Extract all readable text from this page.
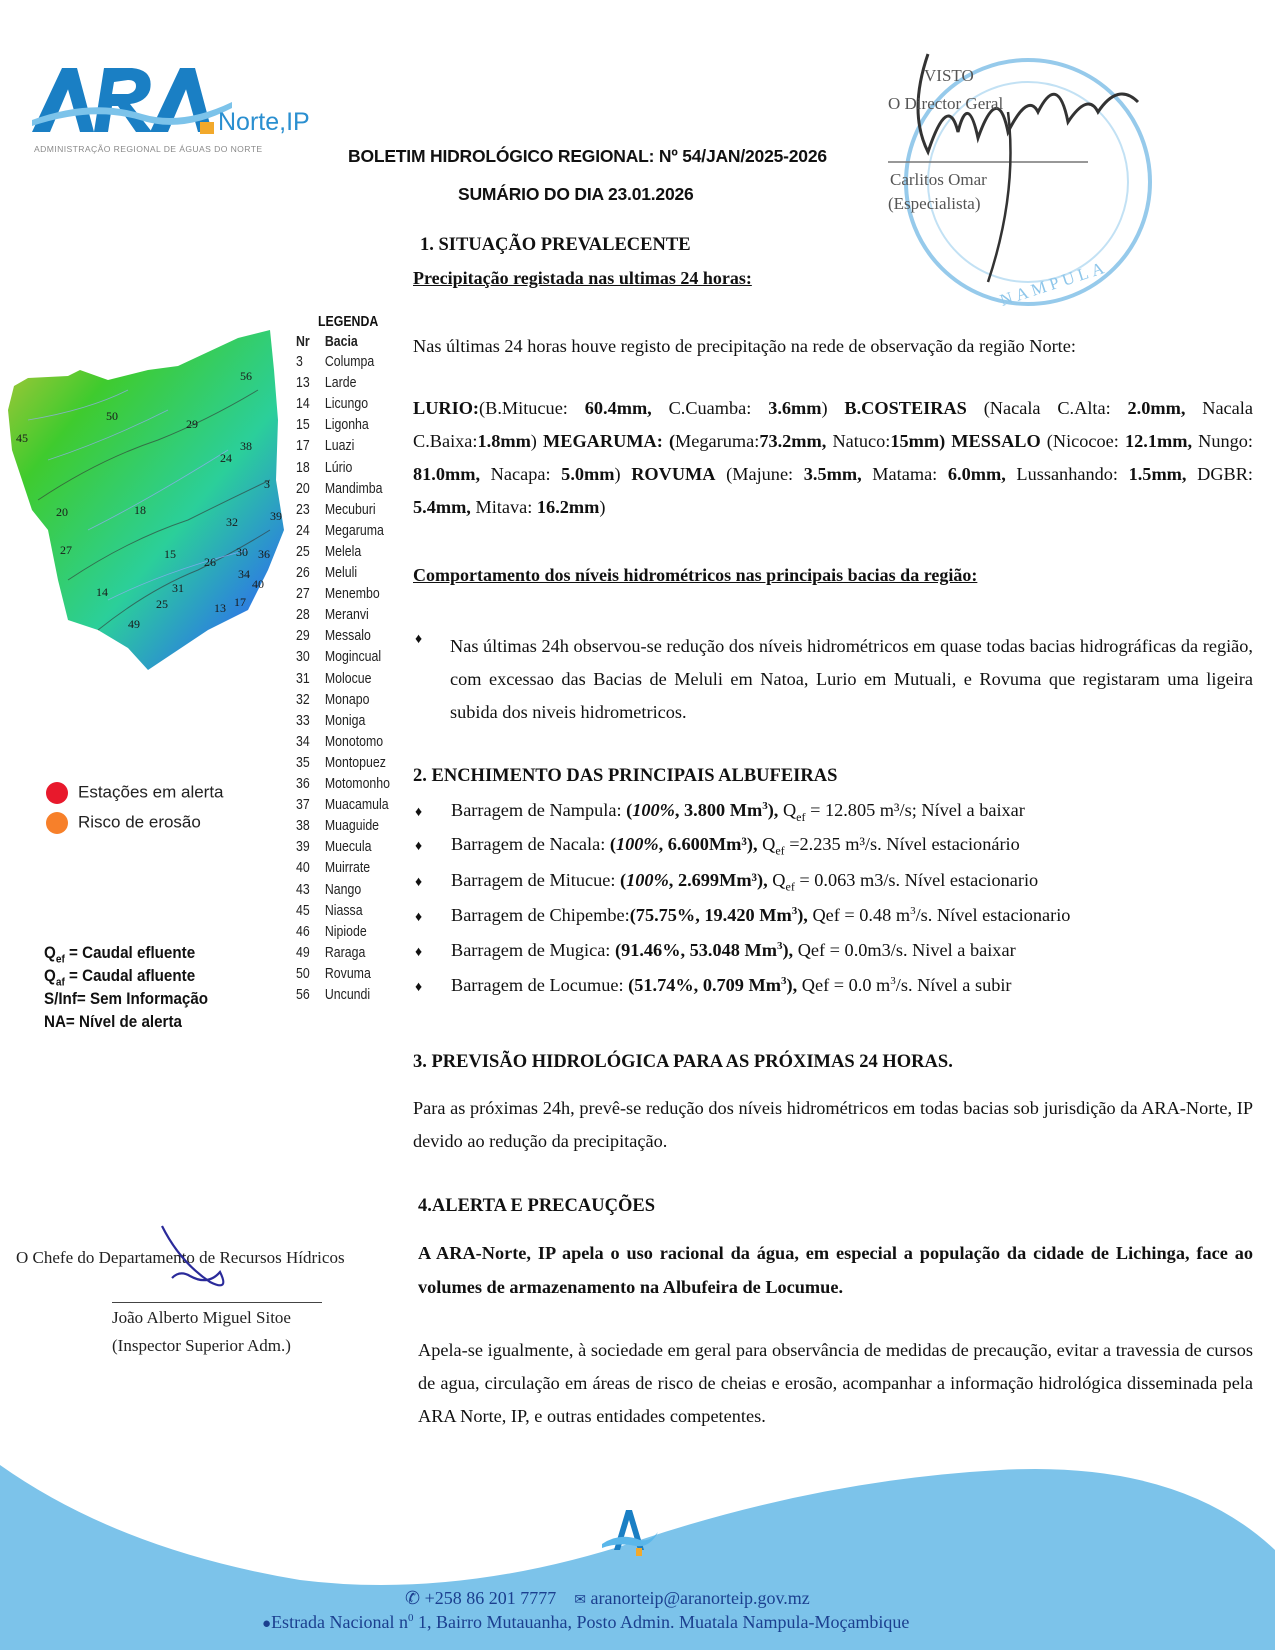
Norte,IP
ADMINISTRAÇÃO REGIONAL DE ÁGUAS DO NORTE	BOLETIM HIDROLÓGICO REGIONAL: Nº 54/JAN/2025-2026
SUMÁRIO DO DIA 23.01.2026
VISTO
O Director Geral
Carlitos Omar
(Especialista)
NAMPULA
1. SITUAÇÃO PREVALECENTE
Precipitação registada nas ultimas 24 horas:
Nas últimas 24 horas houve registo de precipitação na rede de observação da região Norte:
LURIO:(B.Mitucue: 60.4mm, C.Cuamba: 3.6mm) B.COSTEIRAS (Nacala C.Alta: 2.0mm, Nacala C.Baixa:1.8mm) MEGARUMA: (Megaruma:73.2mm, Natuco:15mm) MESSALO (Nicocoe: 12.1mm, Nungo: 81.0mm, Nacapa: 5.0mm) ROVUMA (Majune: 3.5mm, Matama: 6.0mm, Lussanhando: 1.5mm, DGBR: 5.4mm, Mitava: 16.2mm)
Comportamento dos níveis hidrométricos nas principais bacias da região:
♦ Nas últimas 24h observou-se redução dos níveis hidrométricos em quase todas bacias hidrográficas da região, com excessao das Bacias de Meluli em Natoa, Lurio em Mutuali, e Rovuma que registaram uma ligeira subida dos niveis hidrometricos.
2. ENCHIMENTO DAS PRINCIPAIS ALBUFEIRAS
♦ Barragem de Nampula: (100%, 3.800 Mm$^3$), $Q_{ef} = 12.805$ m³/s; Nível a baixar
♦ Barragem de Nacala: (100%, 6.600Mm³), $Q_{ef} =2.235$ m³/s. Nível estacionário
♦ Barragem de Mitucue: (100%, 2.699Mm³), $Q_{ef} = 0.063$ m3/s. Nível estacionario
♦ Barragem de Chipembe:(75.75%, 19.420 Mm$^3$), Qef = 0.48 $m^3/s$. Nível estacionario
♦ Barragem de Mugica: (91.46%, 53.048 Mm$^3$), Qef = 0.0m3/s. Nivel a baixar
♦ Barragem de Locumue: (51.74%, 0.709 Mm$^3$), Qef = 0.0 $m^3/s$. Nível a subir
3. PREVISÃO HIDROLÓGICA PARA AS PRÓXIMAS 24 HORAS.
Para as próximas 24h, prevê-se redução dos níveis hidrométricos em todas bacias sob jurisdição da ARA-Norte, IP devido ao redução da precipitação.
4.ALERTA E PRECAUÇÕES
A ARA-Norte, IP apela o uso racional da água, em especial a população da cidade de Lichinga, face ao volumes de armazenamento na Albufeira de Locumue.
Apela-se igualmente, à sociedade em geral para observância de medidas de precaução, evitar a travessia de cursos de agua, circulação em áreas de risco de cheias e erosão, acompanhar a informação hidrológica disseminada pela ARA Norte, IP, e outras entidades competentes.
50
29
56
45
38
24
3
20	18	39
32
27	15
26
30 36
34
40
14	31
25	17
49
13
LEGENDA
Nr Bacia
3 Columpa
13 Larde
14 Licungo
15 Ligonha
17 Luazi
18 Lúrio
20 Mandimba
23 Mecuburi
24 Megaruma
25 Melela
26 Meluli
27 Menembo
28 Meranvi
29 Messalo
30 Mogincual
31 Molocue
32 Monapo
33 Moniga
34 Monotomo
35 Montopuez
36 Motomonho
37 Muacamula
38 Muaguide
39 Muecula
40 Muirrate
43 Nango
45 Niassa
46 Nipiode
49 Raraga
50 Rovuma
56 Uncundi
Estações em alerta
Risco de erosão
$Q_{ef}$ = Caudal efluente
$Q_{af}$ = Caudal afluente
S/Inf= Sem Informação
NA= Nível de alerta
O Chefe do Departamento de Recursos Hídricos
João Alberto Miguel Sitoe
(Inspector Superior Adm.)
✆ +258 86 201 7777 ✉ aranorteip@aranorteip.gov.mz
●Estrada Nacional $n^0$ 1, Bairro Mutauanha, Posto Admin. Muatala Nampula-Moçambique
